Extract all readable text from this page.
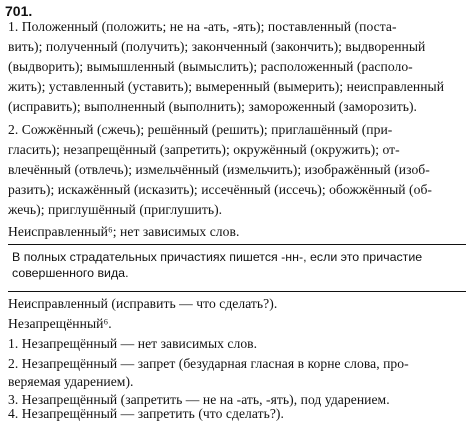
701.
1. Положенный (положить; не на -ать, -ять); поставленный (поста-
вить); полученный (получить); законченный (закончить); выдворенный
(выдворить); вымышленный (вымыслить); расположенный (располо-
жить); уставленный (уставить); вымеренный (вымерить); неисправленный
(исправить); выполненный (выполнить); замороженный (заморозить).
2. Сожжённый (сжечь); решённый (решить); приглашённый (при-
гласить); незапрещённый (запретить); окружённый (окружить); от-
влечённый (отвлечь); измельчённый (измельчить); изображённый (изоб-
разить); искажённый (исказить); иссечённый (иссечь); обожжённый (об-
жечь); приглушённый (приглушить).
Неисправленный⁶; нет зависимых слов.
В полных страдательных причастиях пишется -нн-, если это причастие
совершенного вида.
Неисправленный (исправить — что сделать?).
Незапрещённый⁶.
1. Незапрещённый — нет зависимых слов.
2. Незапрещённый — запрет (безударная гласная в корне слова, про-
веряемая ударением).
3. Незапрещённый (запретить — не на -ать, -ять), под ударением.
4. Незапрещённый — запретить (что сделать?).
